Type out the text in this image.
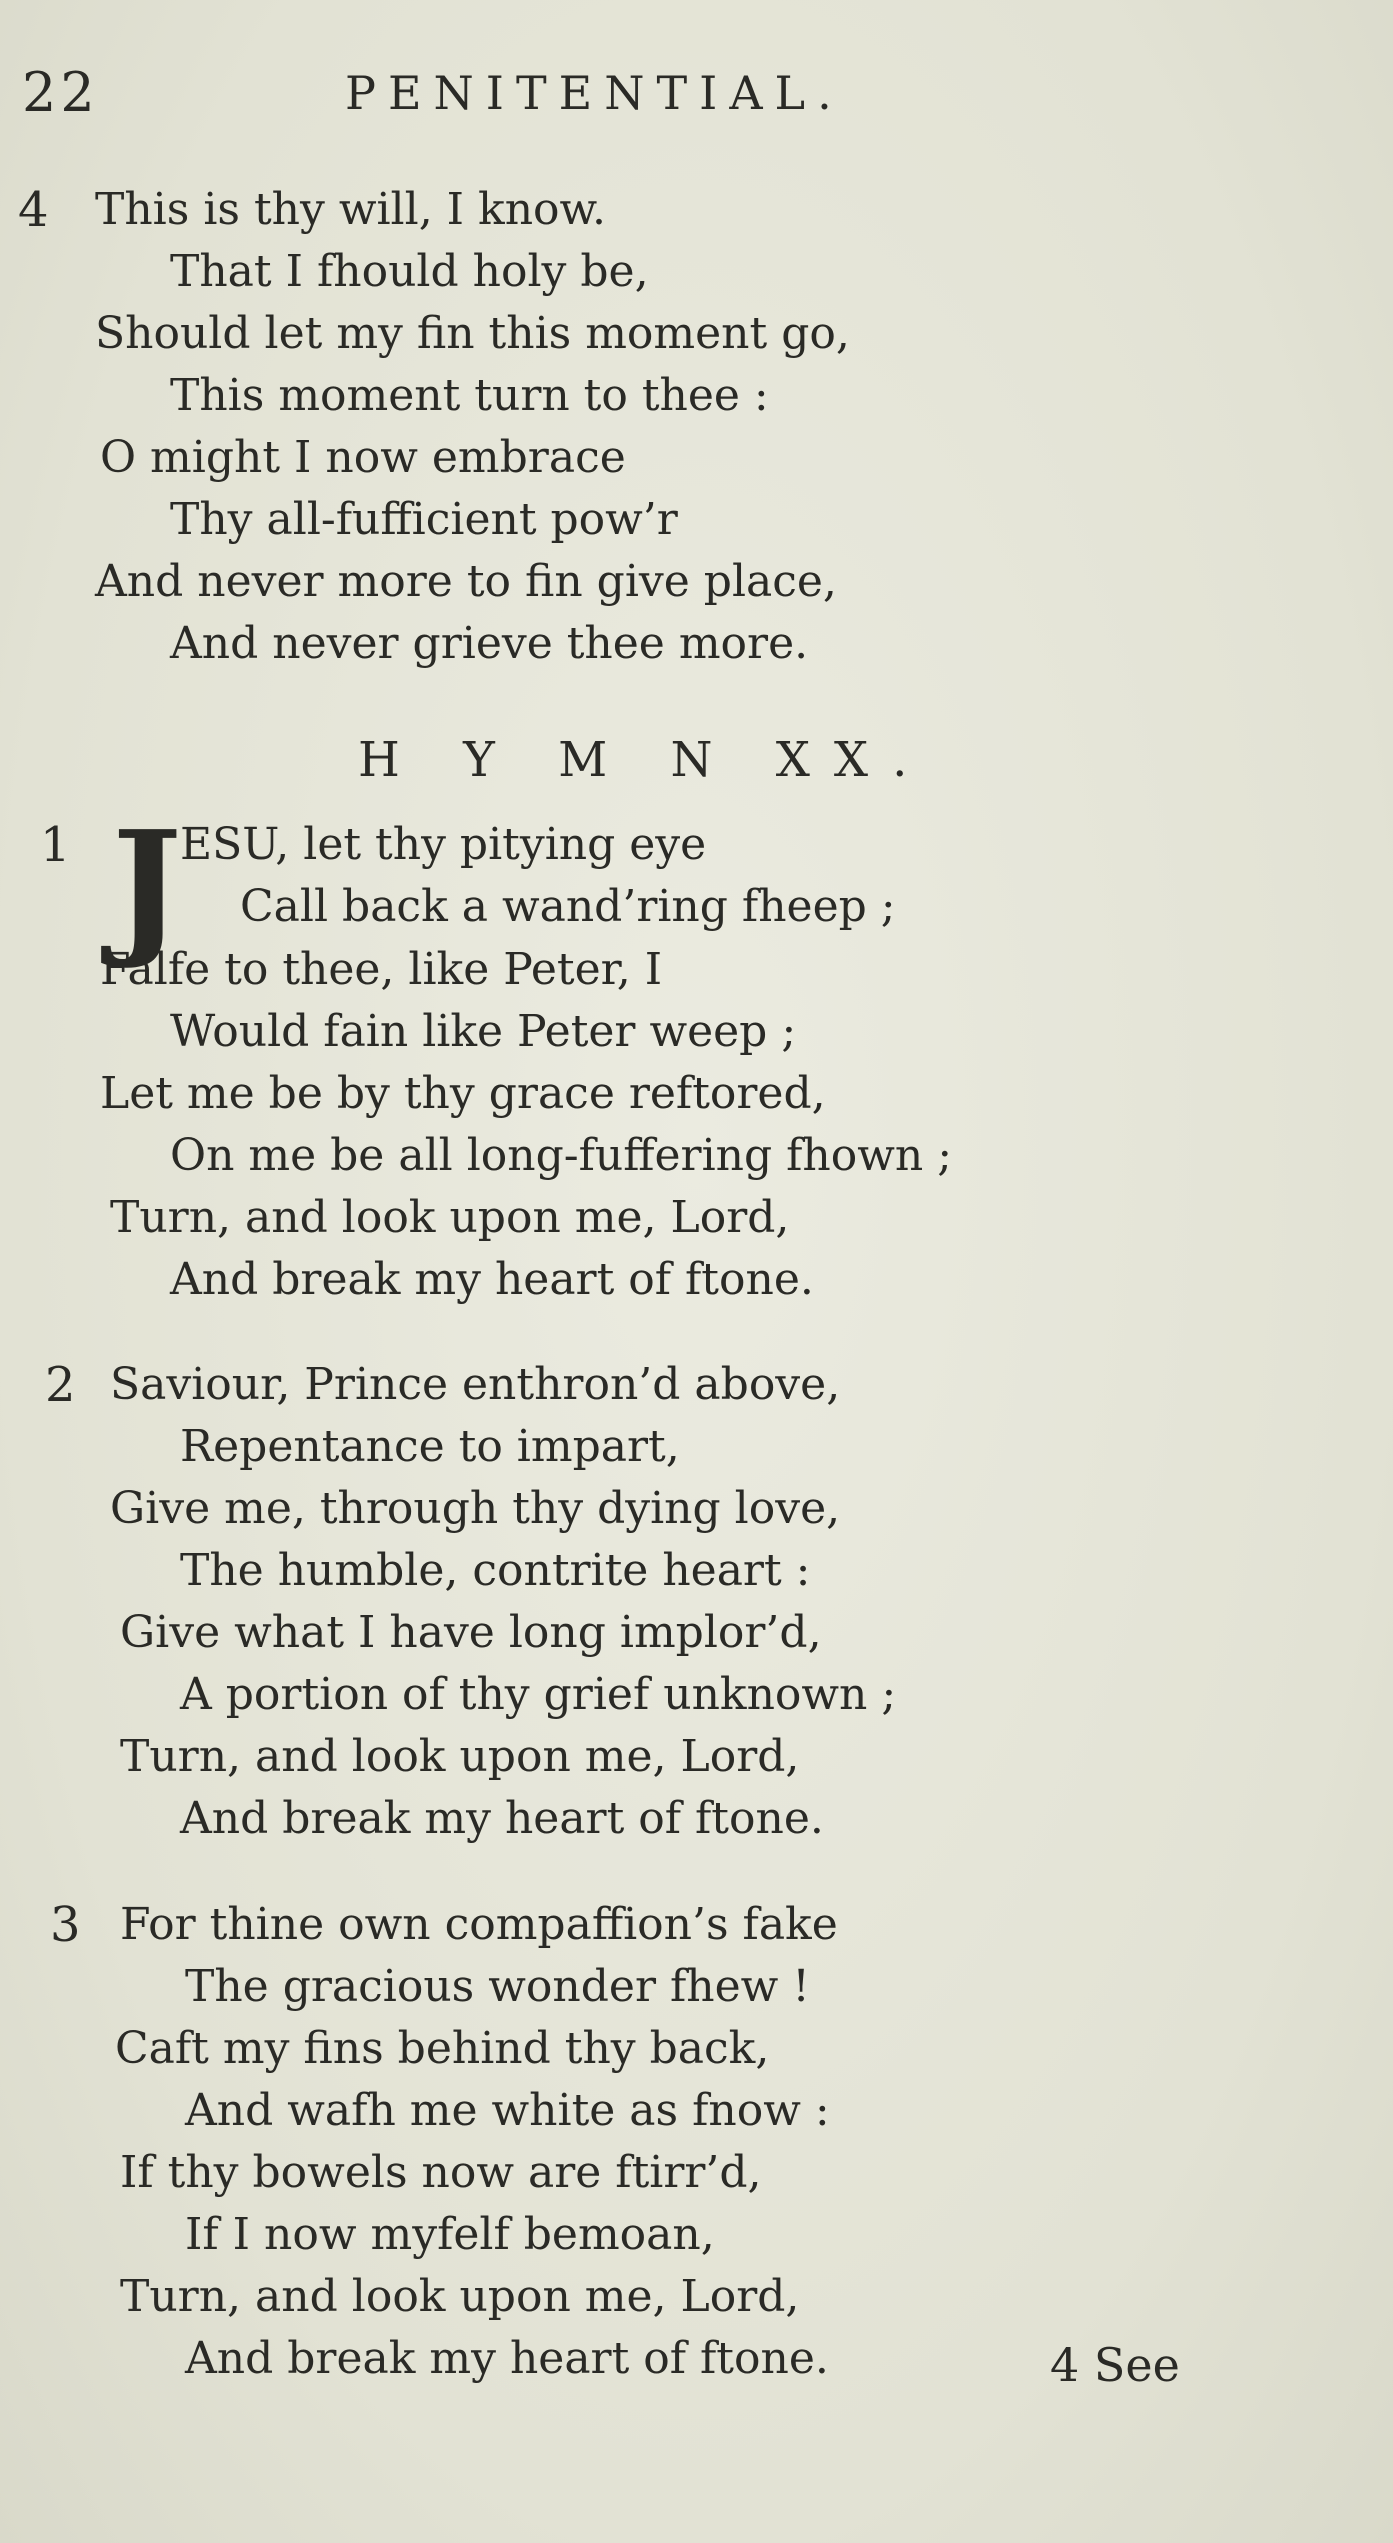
22	PENITENTIAL.
4 This is thy will, I know.
That I fhould holy be,
Should let my fin this moment go,
This moment turn to thee :
O might I now embrace
Thy all-fufficient pow’r
And never more to fin give place,
And never grieve thee more.
H Y M N XX.
1 J
ESU, let thy pitying eye
Call back a wand’ring fheep ;
Falfe to thee, like Peter, I
Would fain like Peter weep ;
Let me be by thy grace reftored,
On me be all long-fuffering fhown ;
Turn, and look upon me, Lord,
And break my heart of ftone.
2 Saviour, Prince enthron’d above,
Repentance to impart,
Give me, through thy dying love,
The humble, contrite heart :
Give what I have long implor’d,
A portion of thy grief unknown ;
Turn, and look upon me, Lord,
And break my heart of ftone.
3 For thine own compaffion’s fake
The gracious wonder fhew !
Caft my fins behind thy back,
And wafh me white as fnow :
If thy bowels now are ftirr’d,
If I now myfelf bemoan,
Turn, and look upon me, Lord,
And break my heart of ftone.	4 See
